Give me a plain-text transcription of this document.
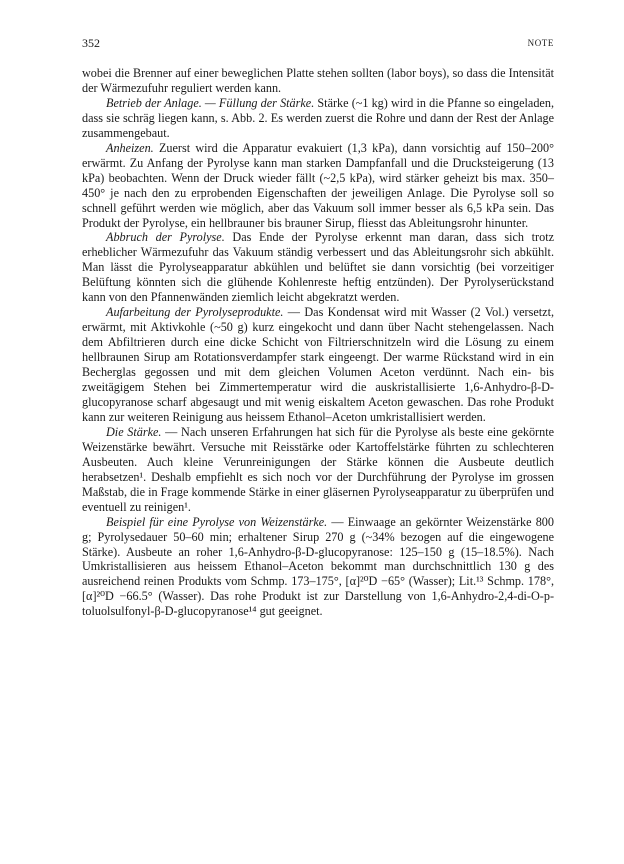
352	NOTE

wobei die Brenner auf einer beweglichen Platte stehen sollten (labor boys), so dass die Intensität der Wärmezufuhr reguliert werden kann.

Betrieb der Anlage. — Füllung der Stärke. Stärke (~1 kg) wird in die Pfanne so eingeladen, dass sie schräg liegen kann, s. Abb. 2. Es werden zuerst die Rohre und dann der Rest der Anlage zusammengebaut.

Anheizen. Zuerst wird die Apparatur evakuiert (1,3 kPa), dann vorsichtig auf 150–200° erwärmt. Zu Anfang der Pyrolyse kann man starken Dampfanfall und die Drucksteigerung (13 kPa) beobachten. Wenn der Druck wieder fällt (~2,5 kPa), wird stärker geheizt bis max. 350–450° je nach den zu erprobenden Eigenschaften der jeweiligen Anlage. Die Pyrolyse soll so schnell geführt werden wie möglich, aber das Vakuum soll immer besser als 6,5 kPa sein. Das Produkt der Pyrolyse, ein hellbrauner bis brauner Sirup, fliesst das Ableitungsrohr hinunter.

Abbruch der Pyrolyse. Das Ende der Pyrolyse erkennt man daran, dass sich trotz erheblicher Wärmezufuhr das Vakuum ständig verbessert und das Ableitungsrohr sich abkühlt. Man lässt die Pyrolyseapparatur abkühlen und belüftet sie dann vorsichtig (bei vorzeitiger Belüftung könnten sich die glühende Kohlenreste heftig entzünden). Der Pyrolyserückstand kann von den Pfannenwänden ziemlich leicht abgekratzt werden.

Aufarbeitung der Pyrolyseprodukte. — Das Kondensat wird mit Wasser (2 Vol.) versetzt, erwärmt, mit Aktivkohle (~50 g) kurz eingekocht und dann über Nacht stehengelassen. Nach dem Abfiltrieren durch eine dicke Schicht von Filtrierschnitzeln wird die Lösung zu einem hellbraunen Sirup am Rotationsverdampfer stark eingeengt. Der warme Rückstand wird in ein Becherglas gegossen und mit dem gleichen Volumen Aceton verdünnt. Nach ein- bis zweitägigem Stehen bei Zimmertemperatur wird die auskristallisierte 1,6-Anhydro-β-D-glucopyranose scharf abgesaugt und mit wenig eiskaltem Aceton gewaschen. Das rohe Produkt kann zur weiteren Reinigung aus heissem Ethanol–Aceton umkristallisiert werden.

Die Stärke. — Nach unseren Erfahrungen hat sich für die Pyrolyse als beste eine gekörnte Weizenstärke bewährt. Versuche mit Reisstärke oder Kartoffelstärke führten zu schlechteren Ausbeuten. Auch kleine Verunreinigungen der Stärke können die Ausbeute deutlich herabsetzen¹. Deshalb empfiehlt es sich noch vor der Durchführung der Pyrolyse im grossen Maßstab, die in Frage kommende Stärke in einer gläsernen Pyrolyseapparatur zu überprüfen und eventuell zu reinigen¹.

Beispiel für eine Pyrolyse von Weizenstärke. — Einwaage an gekörnter Weizenstärke 800 g; Pyrolysedauer 50–60 min; erhaltener Sirup 270 g (~34% bezogen auf die eingewogene Stärke). Ausbeute an roher 1,6-Anhydro-β-D-glucopyranose: 125–150 g (15–18.5%). Nach Umkristallisieren aus heissem Ethanol–Aceton bekommt man durchschnittlich 130 g des ausreichend reinen Produkts vom Schmp. 173–175°, [α]²⁰D −65° (Wasser); Lit.¹³ Schmp. 178°, [α]²⁰D −66.5° (Wasser). Das rohe Produkt ist zur Darstellung von 1,6-Anhydro-2,4-di-O-p-toluolsulfonyl-β-D-glucopyranose¹⁴ gut geeignet.
